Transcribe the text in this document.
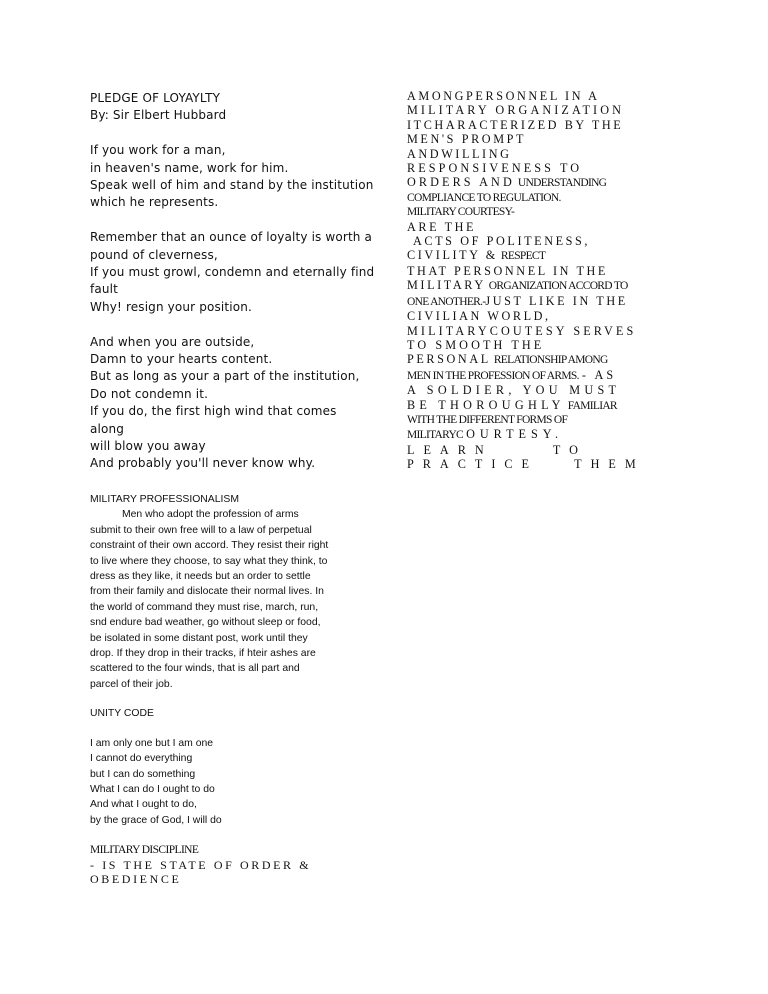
PLEDGE OF LOYAYLTY
By: Sir Elbert Hubbard
If you work for a man,
in heaven's name, work for him.
Speak well of him and stand by the institution
which he represents.
Remember that an ounce of loyalty is worth a
pound of cleverness,
If you must growl, condemn and eternally find
fault
Why! resign your position.
And when you are outside,
Damn to your hearts content.
But as long as your a part of the institution,
Do not condemn it.
If you do, the first high wind that comes
along
will blow you away
And probably you'll never know why.
MILITARY PROFESSIONALISM
Men who adopt the profession of arms
submit to their own free will to a law of perpetual
constraint of their own accord. They resist their right
to live where they choose, to say what they think, to
dress as they like, it needs but an order to settle
from their family and dislocate their normal lives. In
the world of command they must rise, march, run,
snd endure bad weather, go without sleep or food,
be isolated in some distant post, work until they
drop. If they drop in their tracks, if hteir ashes are
scattered to the four winds, that is all part and
parcel of their job.
UNITY CODE
I am only one but I am one
I cannot do everything
but I can do something
What I can do I ought to do
And what I ought to do,
by the grace of God, I will do
MILITARY DISCIPLINE
- IS THE STATE OF ORDER &
OBEDIENCE
AMONGPERSONNEL IN A
MILITARY ORGANIZATION
ITCHARACTERIZED BY THE
MEN'S PROMPT
ANDWILLING
RESPONSIVENESS TO
ORDERS AND UNDERSTANDING
COMPLIANCE TO REGULATION.
MILITARY COURTESY-
ARE THE
ACTS OF POLITENESS,
CIVILITY & RESPECT
THAT PERSONNEL IN THE
MILITARY ORGANIZATION ACCORD TO
ONE ANOTHER.-JUST LIKE IN THE
CIVILIAN WORLD,
MILITARYCOUTESY SERVES
TO SMOOTH THE
PERSONAL RELATIONSHIP AMONG
MEN IN THE PROFESSION OF ARMS. - AS
A SOLDIER, YOU MUST
BE THOROUGHLY FAMILIAR
WITH THE DIFFERENT FORMS OF
MILITARYC OURTESY.
LEARN	TO
PRACTICE	THEM
